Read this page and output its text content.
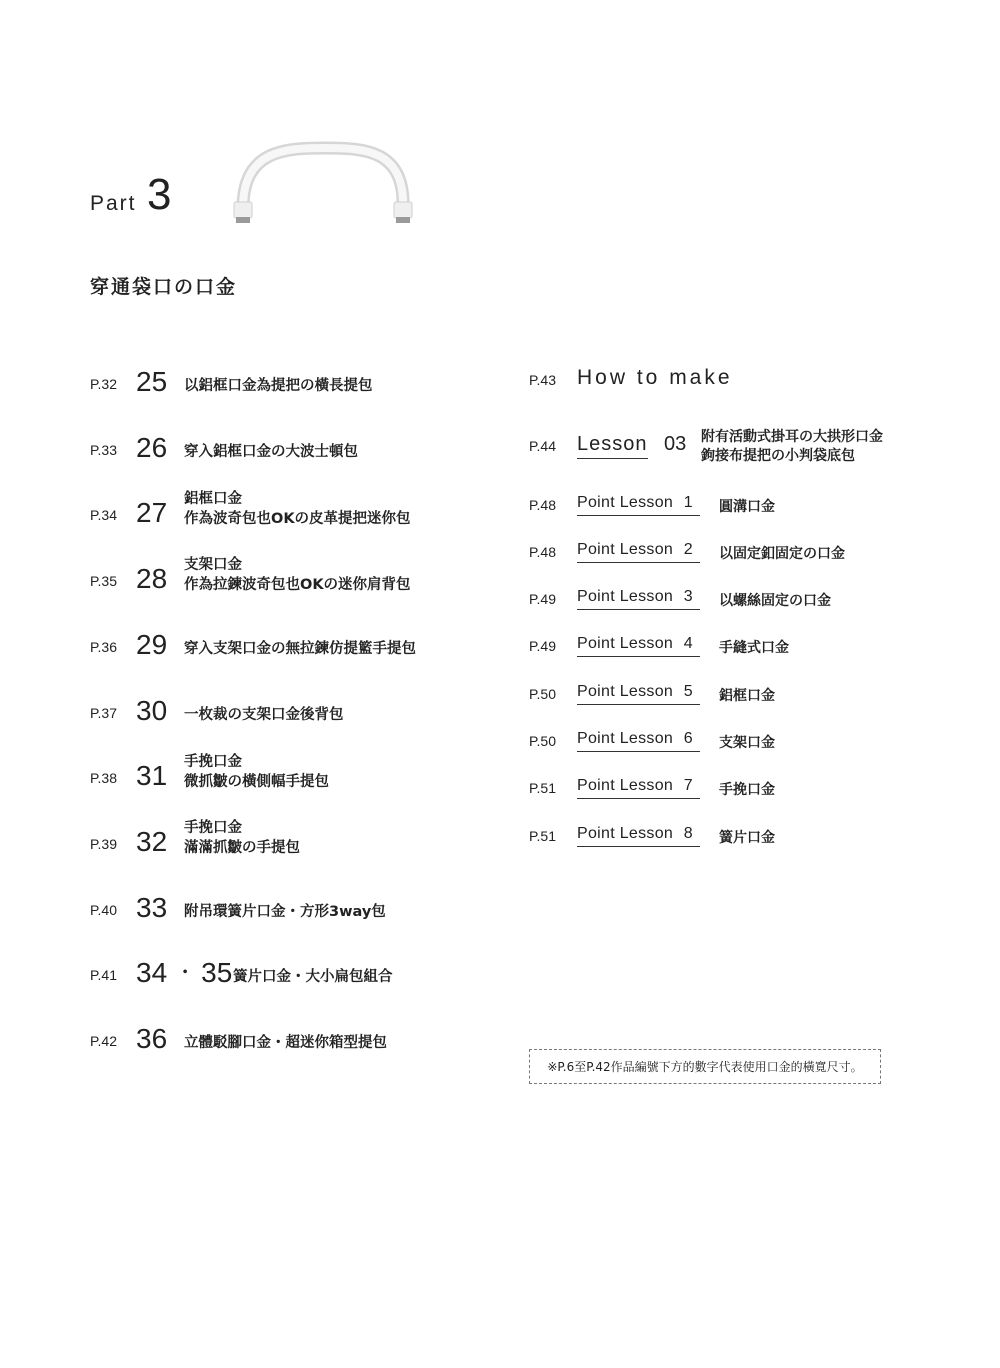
Part 3
穿通袋口の口金
P.32 25 以鋁框口金為提把の橫長提包
P.33 26 穿入鋁框口金の大波士頓包
P.34 27 鋁框口金
作為波奇包也OKの皮革提把迷你包
P.35 28 支架口金
作為拉鍊波奇包也OKの迷你肩背包
P.36 29 穿入支架口金の無拉鍊仿提籃手提包
P.37 30 一枚裁の支架口金後背包
P.38 31 手挽口金
微抓皺の橫側幅手提包
P.39 32 手挽口金
滿滿抓皺の手提包
P.40 33 附吊環簧片口金・方形3way包
P.41 34 ・ 35 簧片口金・大小扁包組合
P.42 36 立體駁腳口金・超迷你箱型提包
P.43 How to make
P.44 Lesson 03 附有活動式掛耳の大拱形口金
鉤接布提把の小判袋底包
P.48 Point Lesson 1 圓溝口金
P.48 Point Lesson 2 以固定釦固定の口金
P.49 Point Lesson 3 以螺絲固定の口金
P.49 Point Lesson 4 手縫式口金
P.50 Point Lesson 5 鋁框口金
P.50 Point Lesson 6 支架口金
P.51 Point Lesson 7 手挽口金
P.51 Point Lesson 8 簧片口金
※P.6至P.42作品編號下方的數字代表使用口金的橫寬尺寸。
